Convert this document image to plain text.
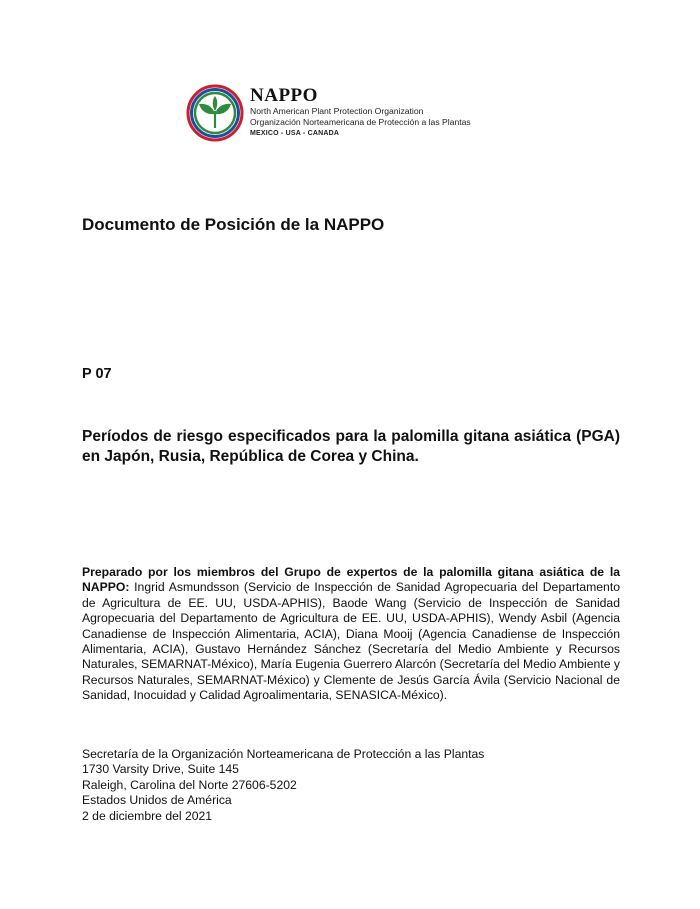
NAPPO
North American Plant Protection Organization
Organización Norteamericana de Protección a las Plantas
MEXICO - USA - CANADA
Documento de Posición de la NAPPO
P 07
Períodos de riesgo especificados para la palomilla gitana asiática (PGA) en Japón, Rusia, República de Corea y China.
Preparado por los miembros del Grupo de expertos de la palomilla gitana asiática de la NAPPO: Ingrid Asmundsson (Servicio de Inspección de Sanidad Agropecuaria del Departamento de Agricultura de EE. UU, USDA-APHIS), Baode Wang (Servicio de Inspección de Sanidad Agropecuaria del Departamento de Agricultura de EE. UU, USDA-APHIS), Wendy Asbil (Agencia Canadiense de Inspección Alimentaria, ACIA), Diana Mooij (Agencia Canadiense de Inspección Alimentaria, ACIA), Gustavo Hernández Sánchez (Secretaría del Medio Ambiente y Recursos Naturales, SEMARNAT-México), María Eugenia Guerrero Alarcón (Secretaría del Medio Ambiente y Recursos Naturales, SEMARNAT-México) y Clemente de Jesús García Ávila (Servicio Nacional de Sanidad, Inocuidad y Calidad Agroalimentaria, SENASICA-México).
Secretaría de la Organización Norteamericana de Protección a las Plantas
1730 Varsity Drive, Suite 145
Raleigh, Carolina del Norte 27606-5202
Estados Unidos de América
2 de diciembre del 2021
